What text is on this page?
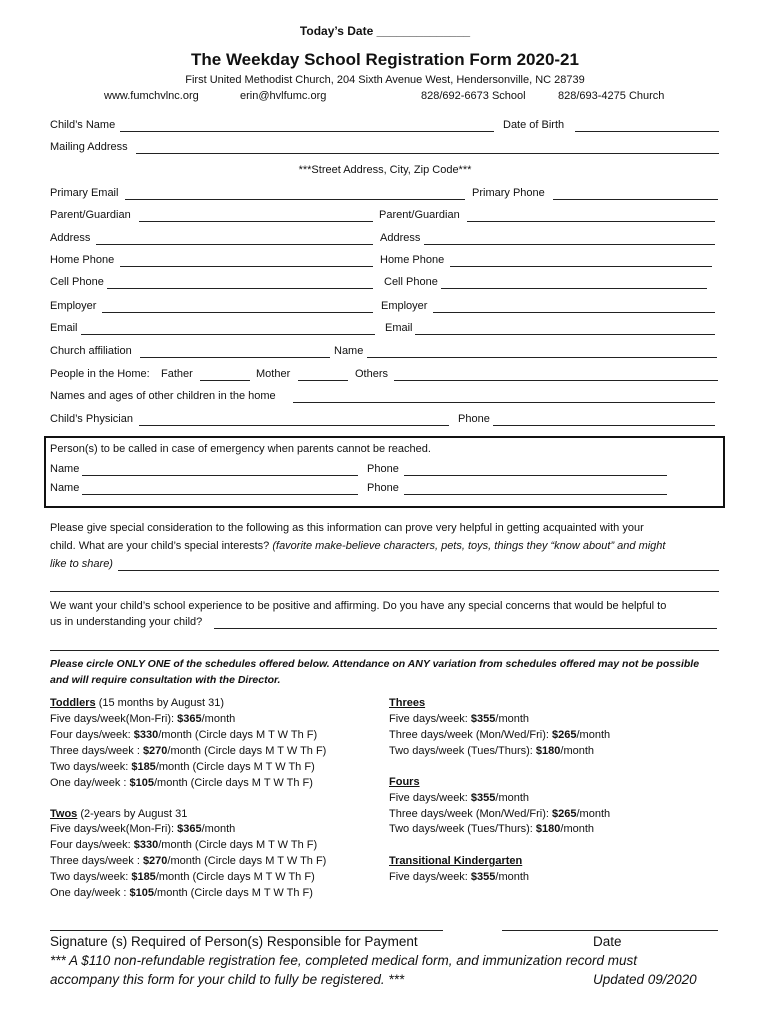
Today’s Date ______________
The Weekday School Registration Form 2020-21
First United Methodist Church, 204 Sixth Avenue West, Hendersonville, NC 28739
www.fumchvlnc.org	erin@hvlfumc.org	828/692-6673 School	828/693-4275 Church
Child’s Name	Date of Birth
Mailing Address
***Street Address, City, Zip Code***
Primary Email	Primary Phone
Parent/Guardian	Parent/Guardian
Address	Address
Home Phone	Home Phone
Cell Phone	Cell Phone
Employer	Employer
Email	Email
Church affiliation	Name
People in the Home: Father	Mother	Others
Names and ages of other children in the home
Child’s Physician	Phone
Person(s) to be called in case of emergency when parents cannot be reached.
Name	Phone
Name	Phone
Please give special consideration to the following as this information can prove very helpful in getting acquainted with your
child. What are your child’s special interests? (favorite make-believe characters, pets, toys, things they “know about” and might
like to share)
We want your child’s school experience to be positive and affirming. Do you have any special concerns that would be helpful to
us in understanding your child?
Please circle ONLY ONE of the schedules offered below. Attendance on ANY variation from schedules offered may not be possible
and will require consultation with the Director.
Toddlers (15 months by August 31)
Five days/week(Mon-Fri): $365/month
Four days/week: $330/month (Circle days M T W Th F)
Three days/week : $270/month (Circle days M T W Th F)
Two days/week: $185/month (Circle days M T W Th F)
One day/week : $105/month (Circle days M T W Th F)
Twos (2-years by August 31
Five days/week(Mon-Fri): $365/month
Four days/week: $330/month (Circle days M T W Th F)
Three days/week : $270/month (Circle days M T W Th F)
Two days/week: $185/month (Circle days M T W Th F)
One day/week : $105/month (Circle days M T W Th F)
Threes
Five days/week: $355/month
Three days/week (Mon/Wed/Fri): $265/month
Two days/week (Tues/Thurs): $180/month
Fours
Five days/week: $355/month
Three days/week (Mon/Wed/Fri): $265/month
Two days/week (Tues/Thurs): $180/month
Transitional Kindergarten
Five days/week: $355/month
Signature (s) Required of Person(s) Responsible for Payment	Date
*** A $110 non-refundable registration fee, completed medical form, and immunization record must
accompany this form for your child to fully be registered. ***	Updated 09/2020
